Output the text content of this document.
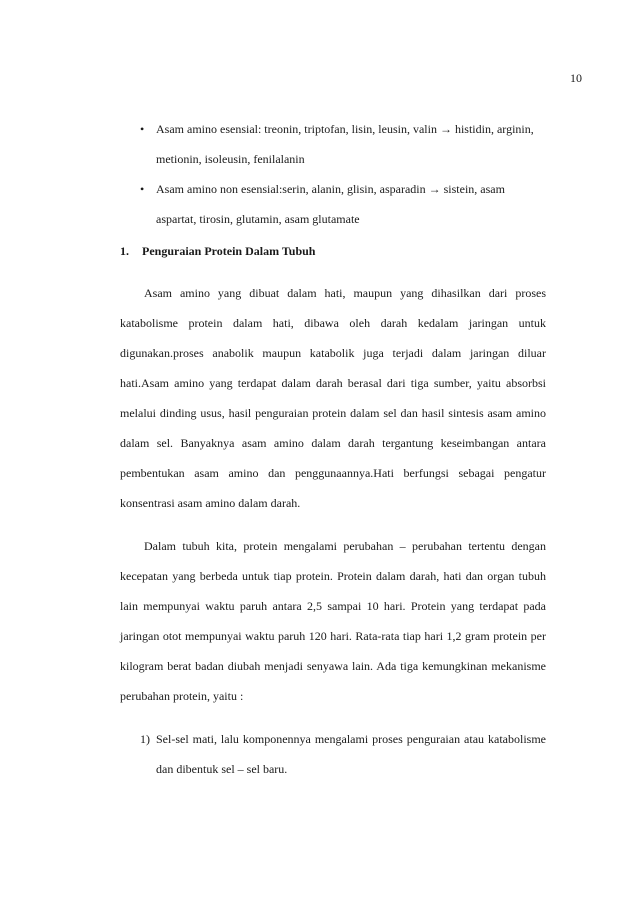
10
• Asam amino esensial: treonin, triptofan, lisin, leusin, valin → histidin, arginin, metionin, isoleusin, fenilalanin
• Asam amino non esensial:serin, alanin, glisin, asparadin → sistein, asam aspartat, tirosin, glutamin, asam glutamate
1. Penguraian Protein Dalam Tubuh

Asam amino yang dibuat dalam hati, maupun yang dihasilkan dari proses katabolisme protein dalam hati, dibawa oleh darah kedalam jaringan untuk digunakan.proses anabolik maupun katabolik juga terjadi dalam jaringan diluar hati.Asam amino yang terdapat dalam darah berasal dari tiga sumber, yaitu absorbsi melalui dinding usus, hasil penguraian protein dalam sel dan hasil sintesis asam amino dalam sel. Banyaknya asam amino dalam darah tergantung keseimbangan antara pembentukan asam amino dan penggunaannya.Hati berfungsi sebagai pengatur konsentrasi asam amino dalam darah.

Dalam tubuh kita, protein mengalami perubahan – perubahan tertentu dengan kecepatan yang berbeda untuk tiap protein. Protein dalam darah, hati dan organ tubuh lain mempunyai waktu paruh antara 2,5 sampai 10 hari. Protein yang terdapat pada jaringan otot mempunyai waktu paruh 120 hari. Rata-rata tiap hari 1,2 gram protein per kilogram berat badan diubah menjadi senyawa lain. Ada tiga kemungkinan mekanisme perubahan protein, yaitu :

1) Sel-sel mati, lalu komponennya mengalami proses penguraian atau katabolisme dan dibentuk sel – sel baru.
